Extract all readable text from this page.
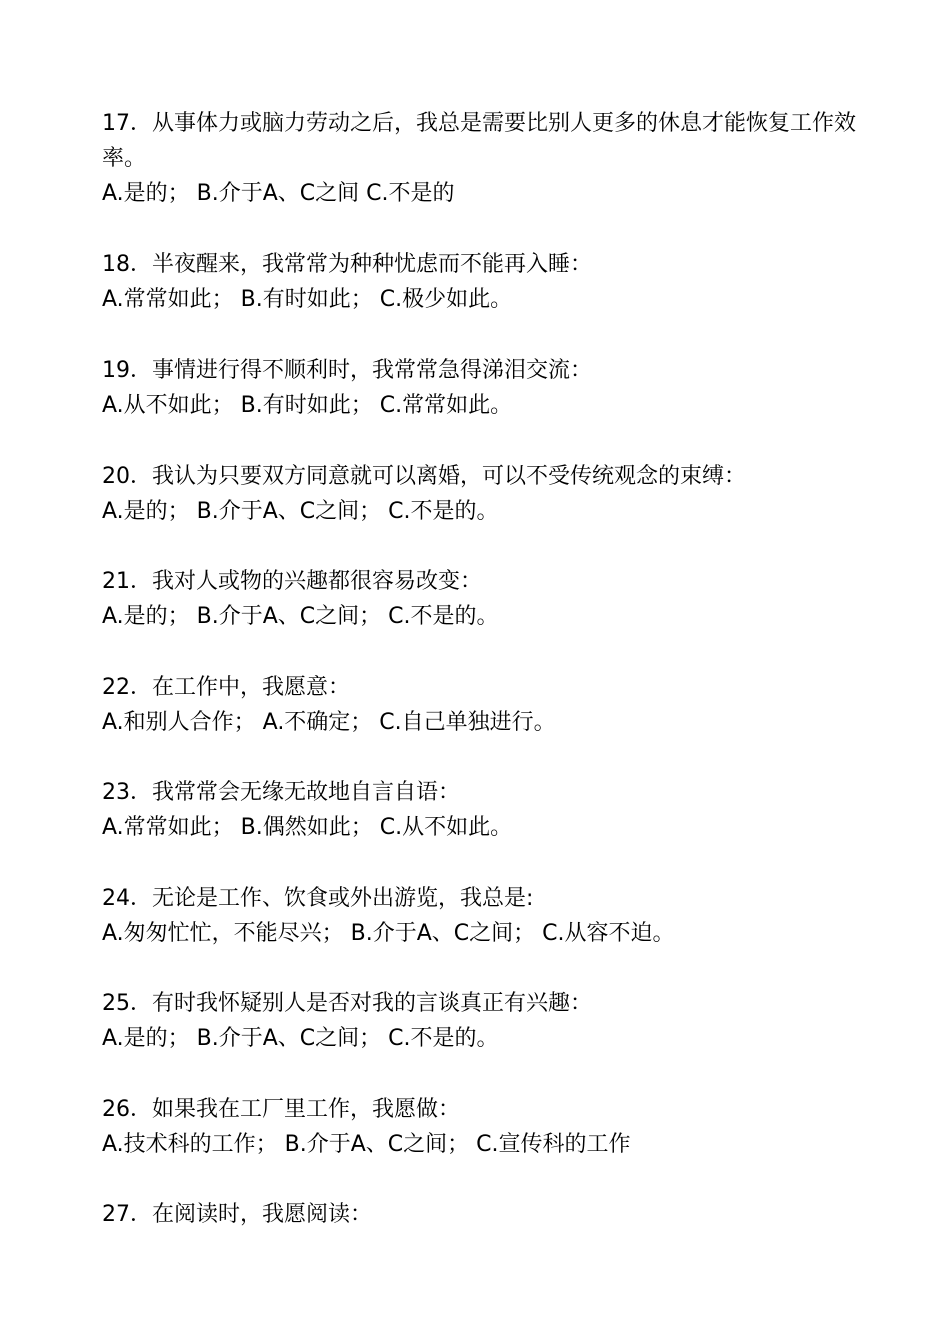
17．从事体力或脑力劳动之后，我总是需要比别人更多的休息才能恢复工作效率。

A.是的； B.介于A、C之间 C.不是的

18．半夜醒来，我常常为种种忧虑而不能再入睡：

A.常常如此； B.有时如此； C.极少如此。

19．事情进行得不顺利时，我常常急得涕泪交流：

A.从不如此； B.有时如此； C.常常如此。

20．我认为只要双方同意就可以离婚，可以不受传统观念的束缚：

A.是的； B.介于A、C之间； C.不是的。

21．我对人或物的兴趣都很容易改变：

A.是的； B.介于A、C之间； C.不是的。

22．在工作中，我愿意：

A.和别人合作； A.不确定； C.自己单独进行。

23．我常常会无缘无故地自言自语：

A.常常如此； B.偶然如此； C.从不如此。

24．无论是工作、饮食或外出游览，我总是:

A.匆匆忙忙，不能尽兴； B.介于A、C之间； C.从容不迫。

25．有时我怀疑别人是否对我的言谈真正有兴趣：

A.是的； B.介于A、C之间； C.不是的。

26．如果我在工厂里工作，我愿做：

A.技术科的工作； B.介于A、C之间； C.宣传科的工作

27．在阅读时，我愿阅读：
